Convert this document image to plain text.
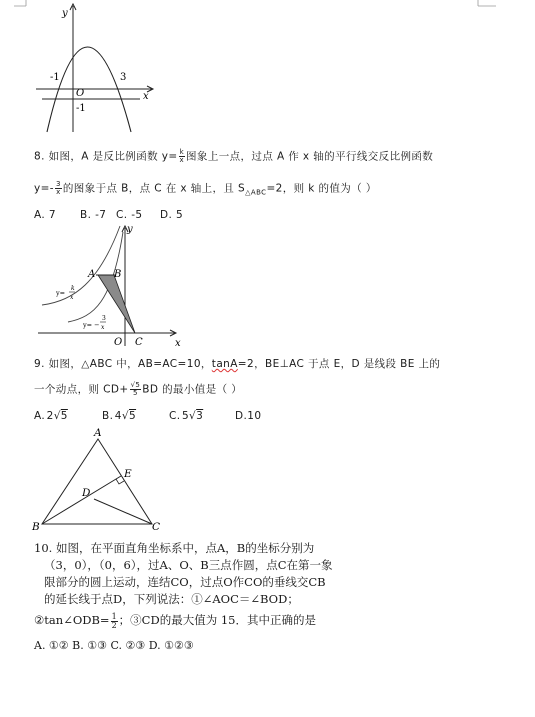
y
x
-1	3
O
-1
8. 如图，A 是反比例函数 $y= \frac{k}{x}$ 图象上一点，过点 A 作 x 轴的平行线交反比例函数
$y=- \frac{3}{x}$ 的图象于点 B，点 C 在 x 轴上，且 $S_{\triangle ABC}=2$，则 k 的值为（ ）
A. 7 B. -7 C. -5 D. 5
y
x
A B
O C
y=
k
x
y= −
3
x
9. 如图，△ABC 中，AB=AC=10，tanA=2，BE⊥AC 于点 E，D 是线段 BE 上的
一个动点，则 $CD+ \frac{√5}{5}$ BD 的最小值是（ ）
A. 2√5	B. 4√5	C. 5√3	D.10
A
B	C
D
E
10. 如图，在平面直角坐标系中，点A，B的坐标分别为
（3，0），（0，6），过A、O、B三点作圆，点C在第一象
限部分的圆上运动，连结CO，过点O作CO的垂线交CB
的延长线于点D，下列说法：①∠AOC＝∠BOD；
②tan∠ODB= $\frac{1}{2}$ ；③CD的最大值为 15．其中正确的是
A. ①② B. ①③ C. ②③ D. ①②③
